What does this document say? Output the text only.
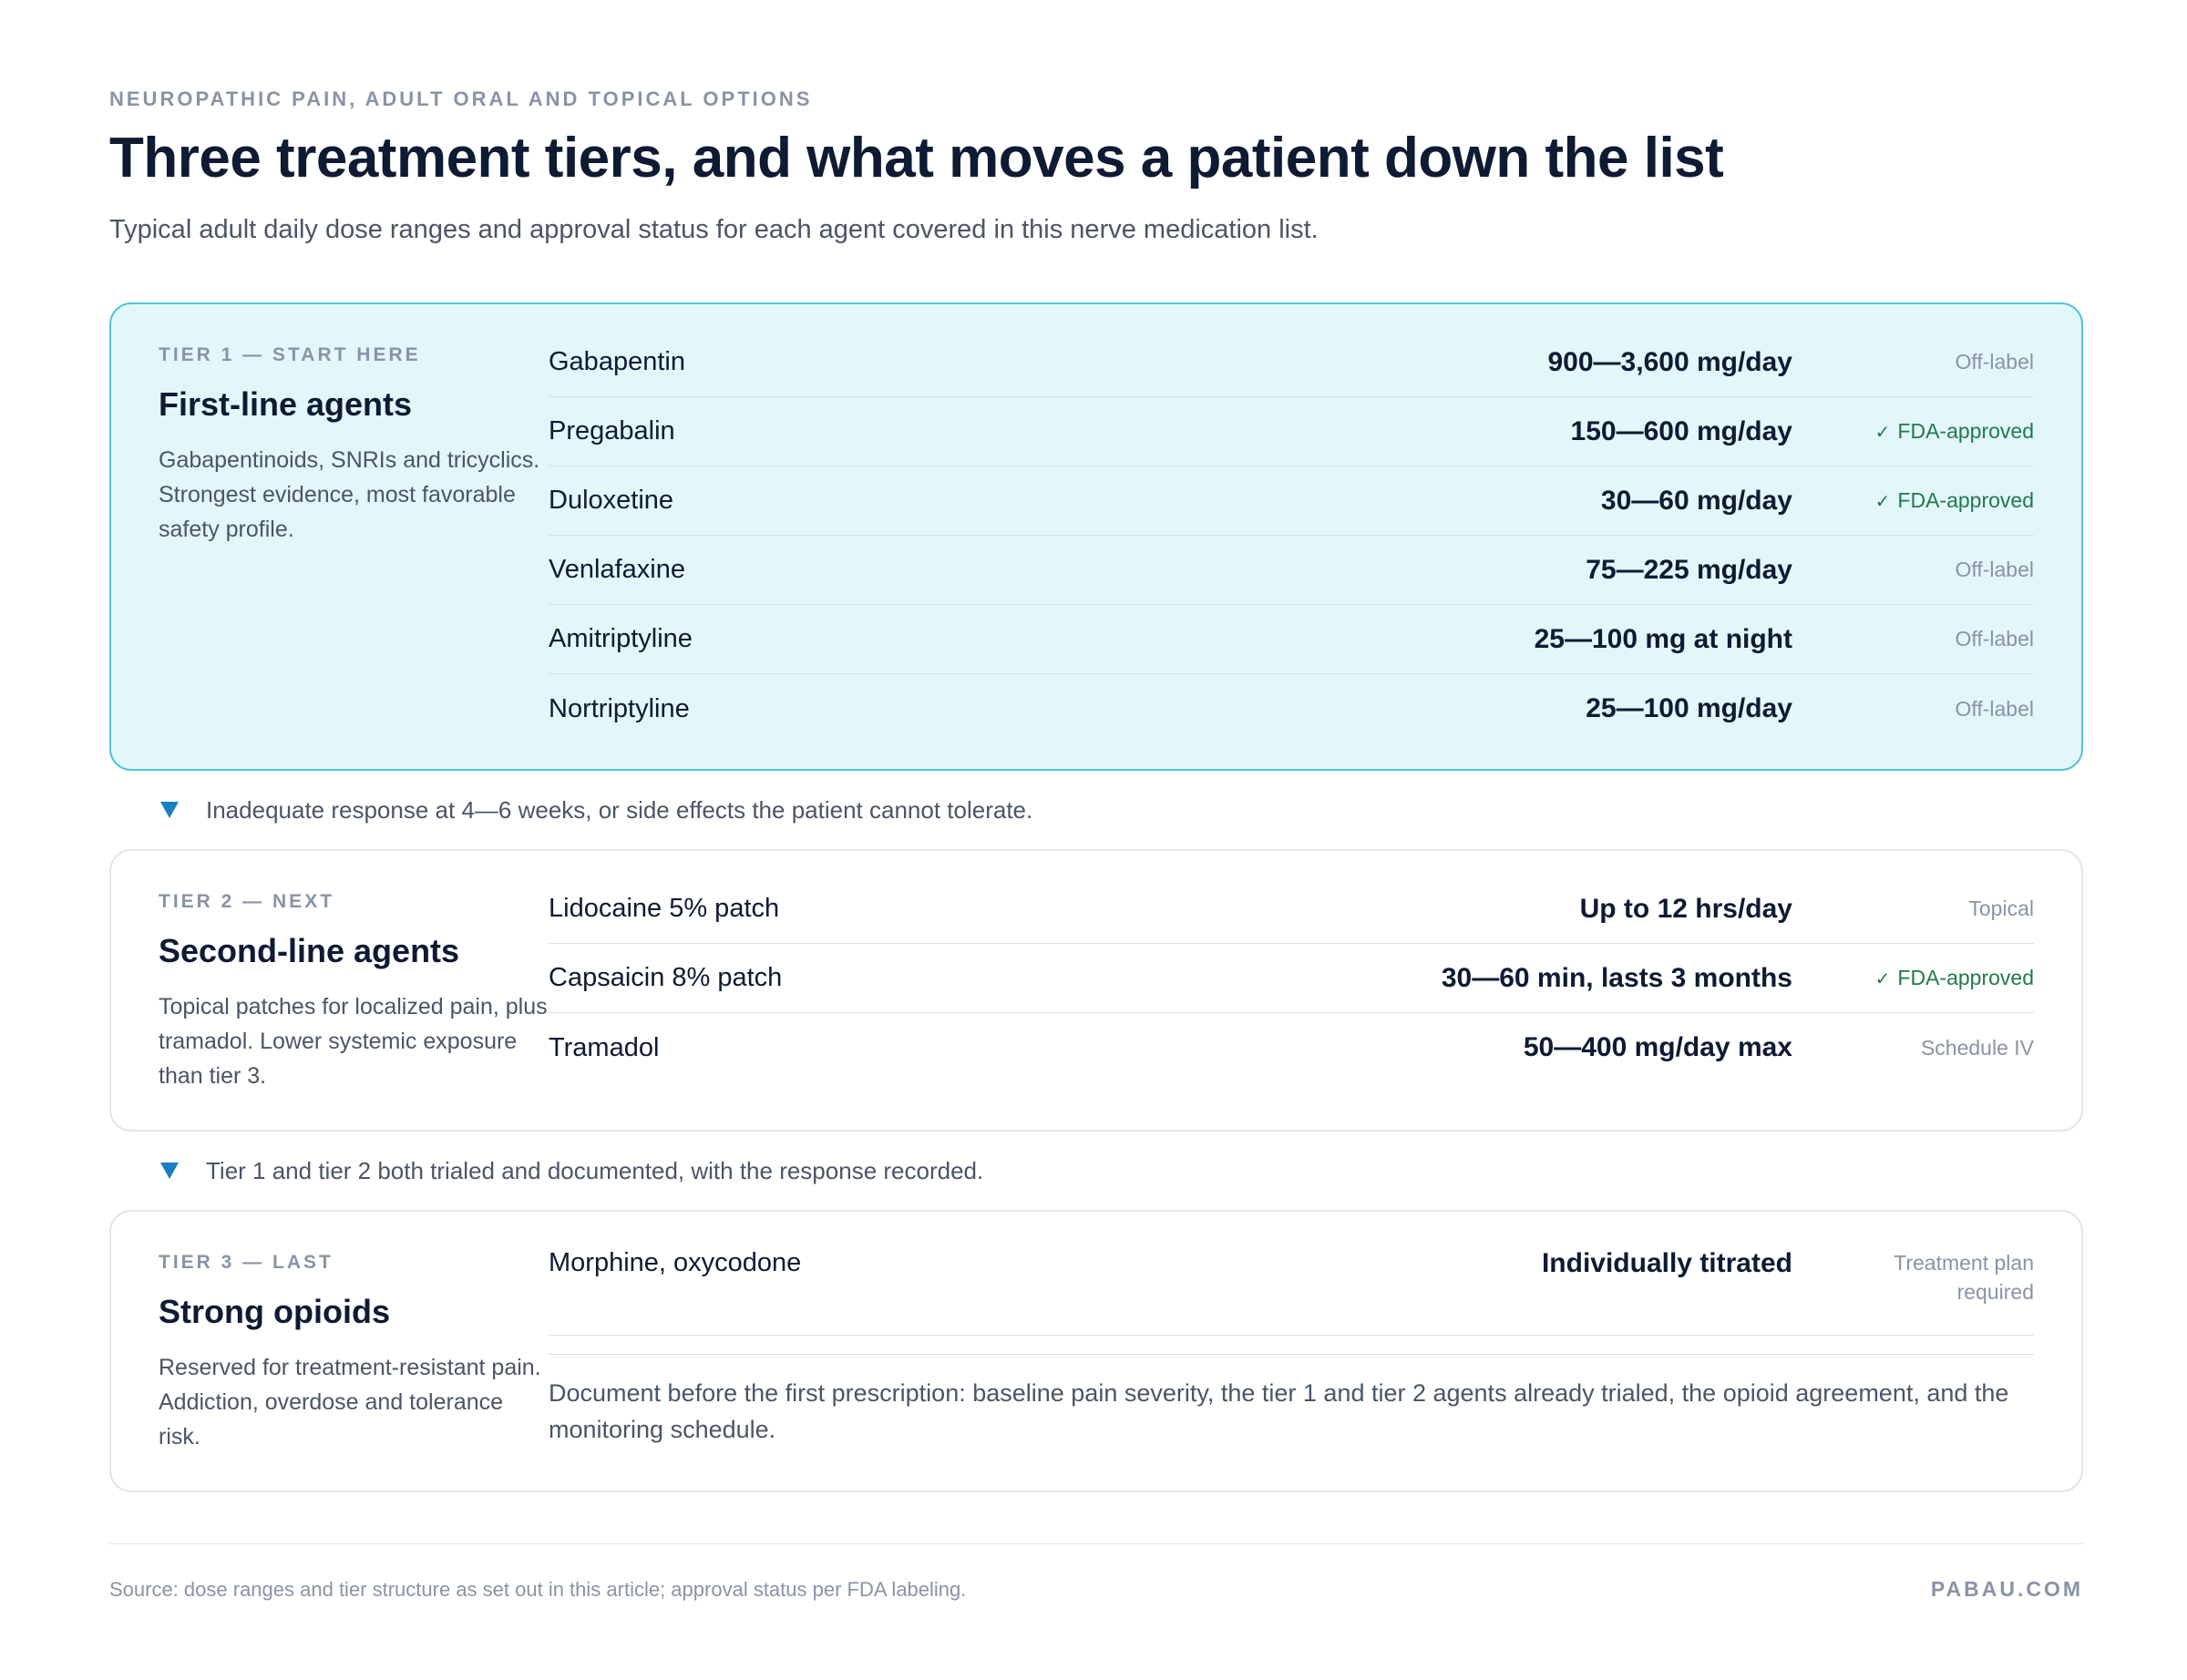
NEUROPATHIC PAIN, ADULT ORAL AND TOPICAL OPTIONS

Three treatment tiers, and what moves a patient down the list

Typical adult daily dose ranges and approval status for each agent covered in this nerve medication list.

TIER 1 — START HERE

First-line agents

Gabapentinoids, SNRIs and tricyclics. Strongest evidence, most favorable safety profile.

Gabapentin	900—3,600 mg/day	Off-label
Pregabalin	150—600 mg/day	✓ FDA-approved
Duloxetine	30—60 mg/day	✓ FDA-approved
Venlafaxine	75—225 mg/day	Off-label
Amitriptyline	25—100 mg at night	Off-label
Nortriptyline	25—100 mg/day	Off-label
Inadequate response at 4—6 weeks, or side effects the patient cannot tolerate.

TIER 2 — NEXT

Second-line agents

Topical patches for localized pain, plus tramadol. Lower systemic exposure than tier 3.

Lidocaine 5% patch	Up to 12 hrs/day	Topical
Capsaicin 8% patch	30—60 min, lasts 3 months	✓ FDA-approved
Tramadol	50—400 mg/day max	Schedule IV
Tier 1 and tier 2 both trialed and documented, with the response recorded.

TIER 3 — LAST

Strong opioids

Reserved for treatment-resistant pain. Addiction, overdose and tolerance risk.

Morphine, oxycodone	Individually titrated	Treatment plan
required
Document before the first prescription: baseline pain severity, the tier 1 and tier 2 agents already trialed, the opioid agreement, and the monitoring schedule.
Source: dose ranges and tier structure as set out in this article; approval status per FDA labeling.	PABAU.COM
